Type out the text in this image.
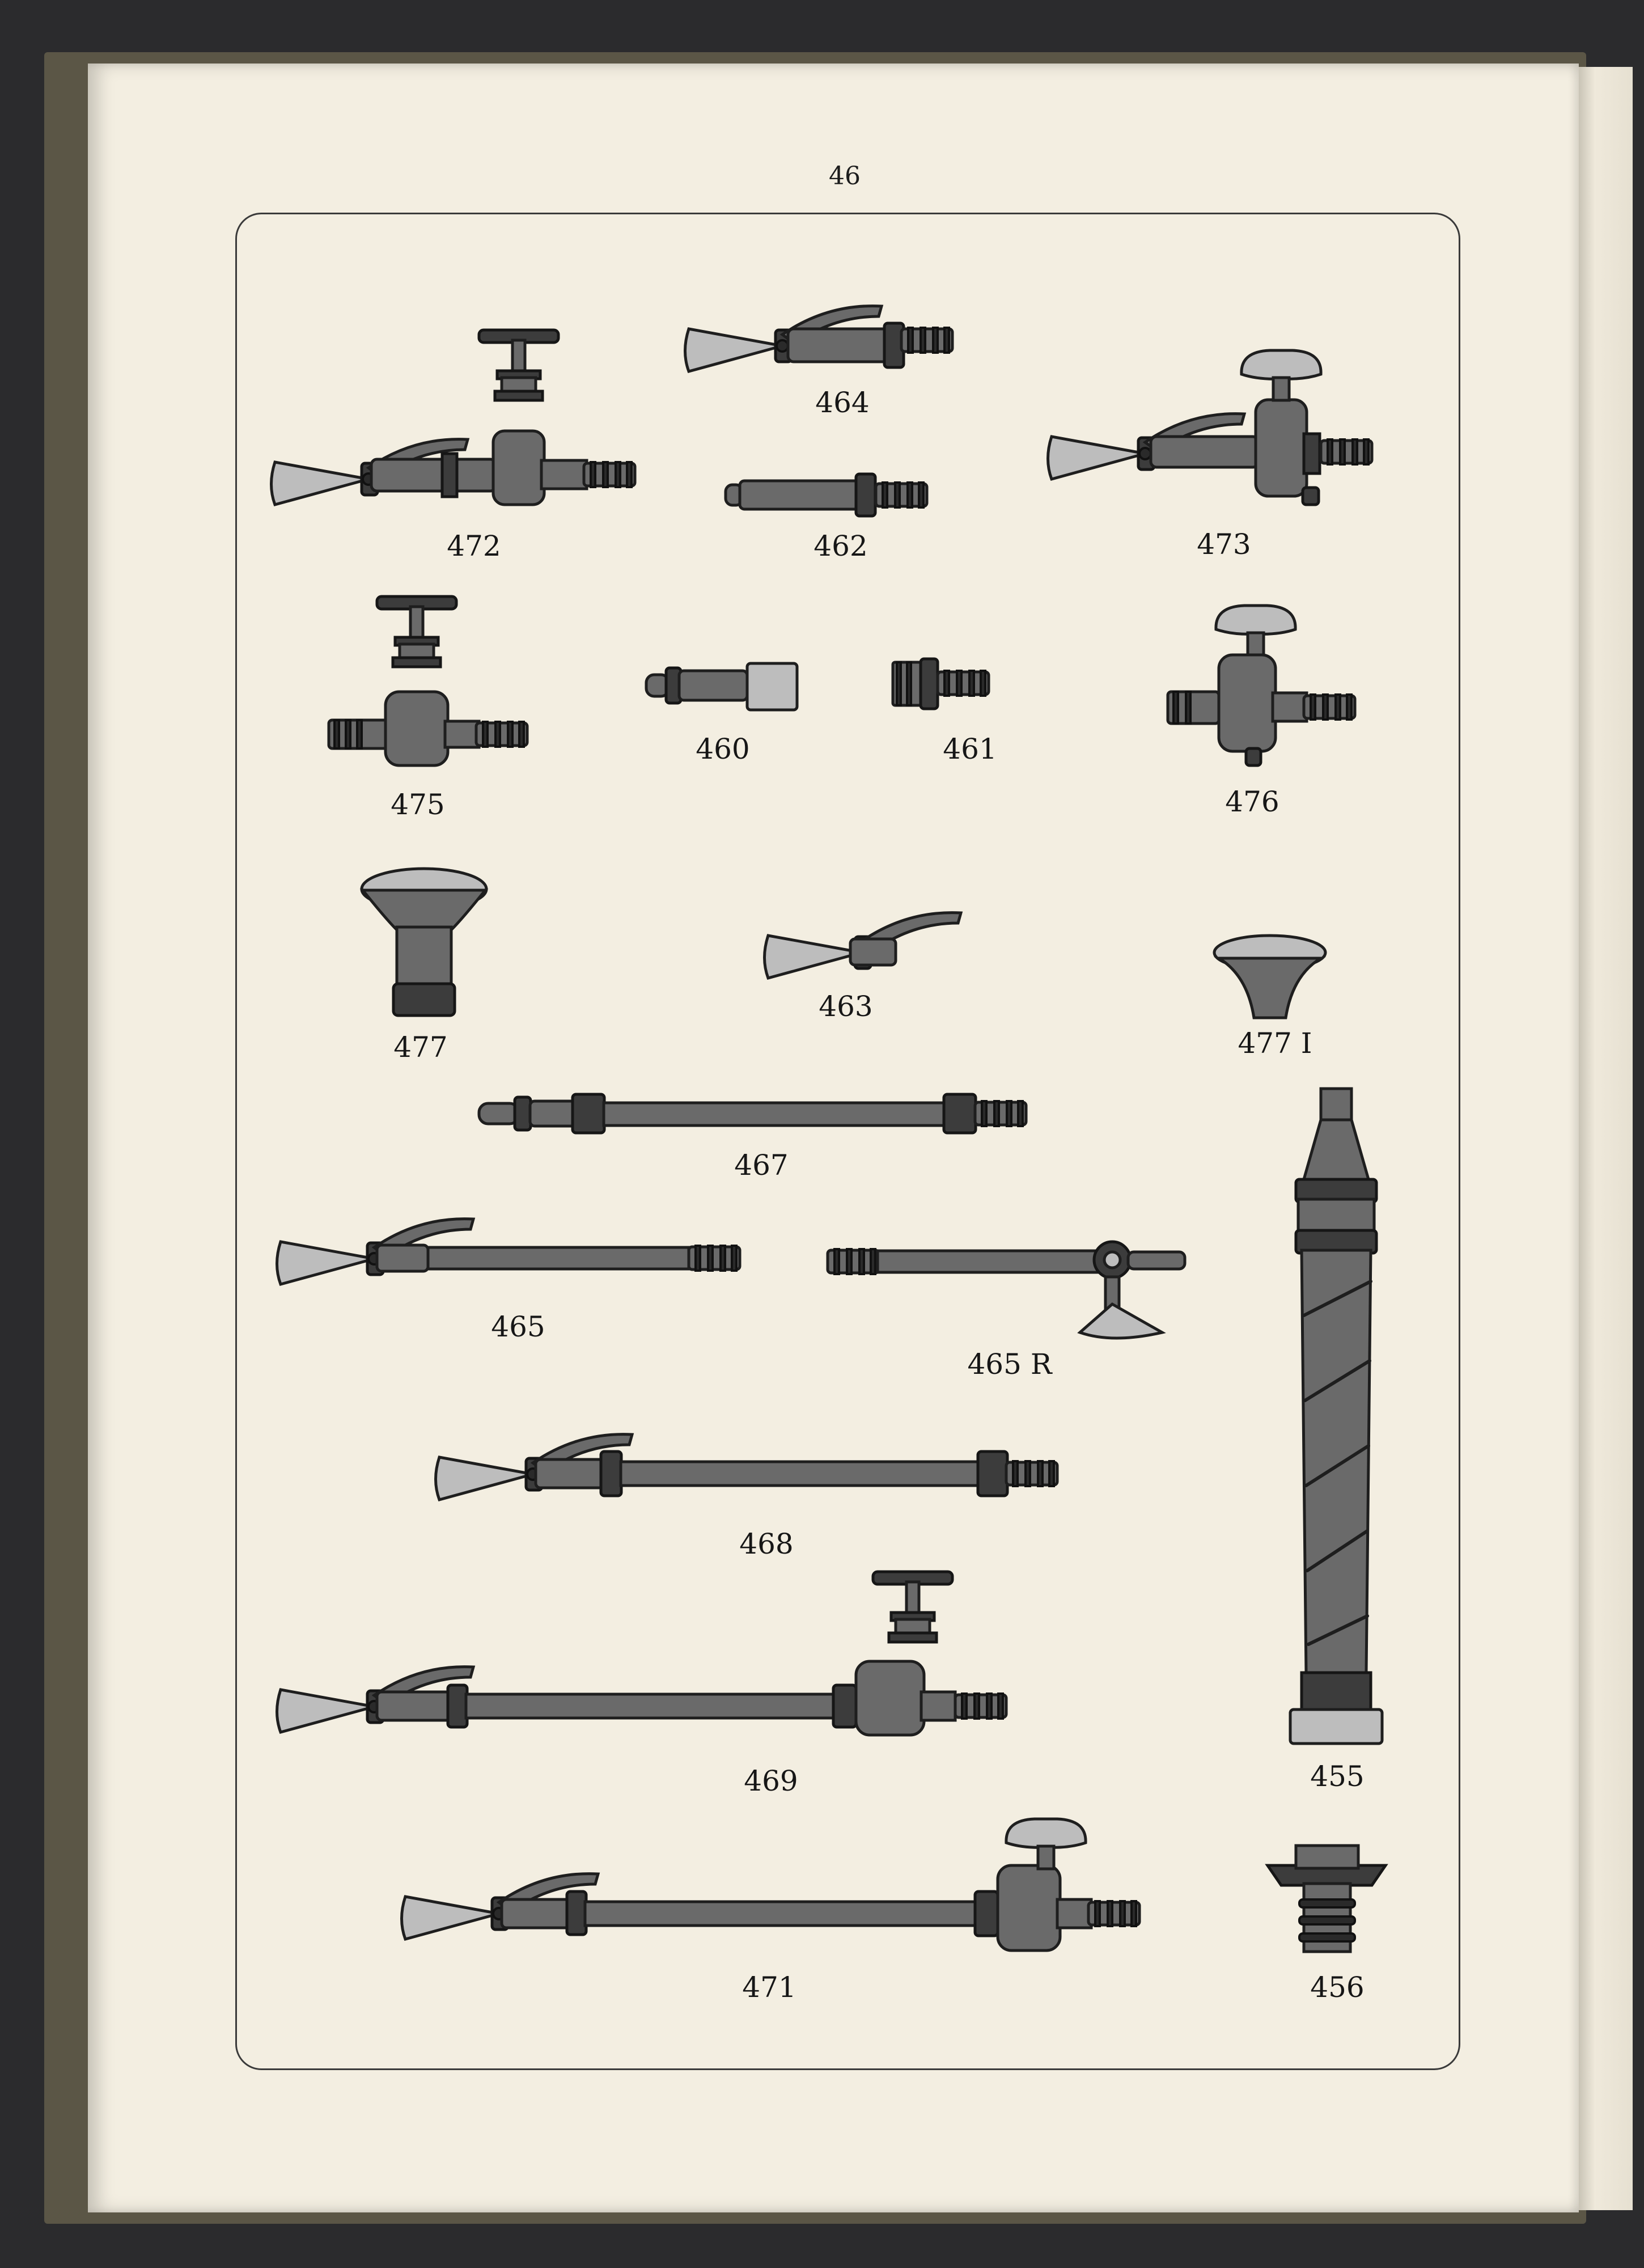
46
472
464
462	473
475
460	461
476
477
463
477 I
467
465
465 R
455
468
469
471	456
